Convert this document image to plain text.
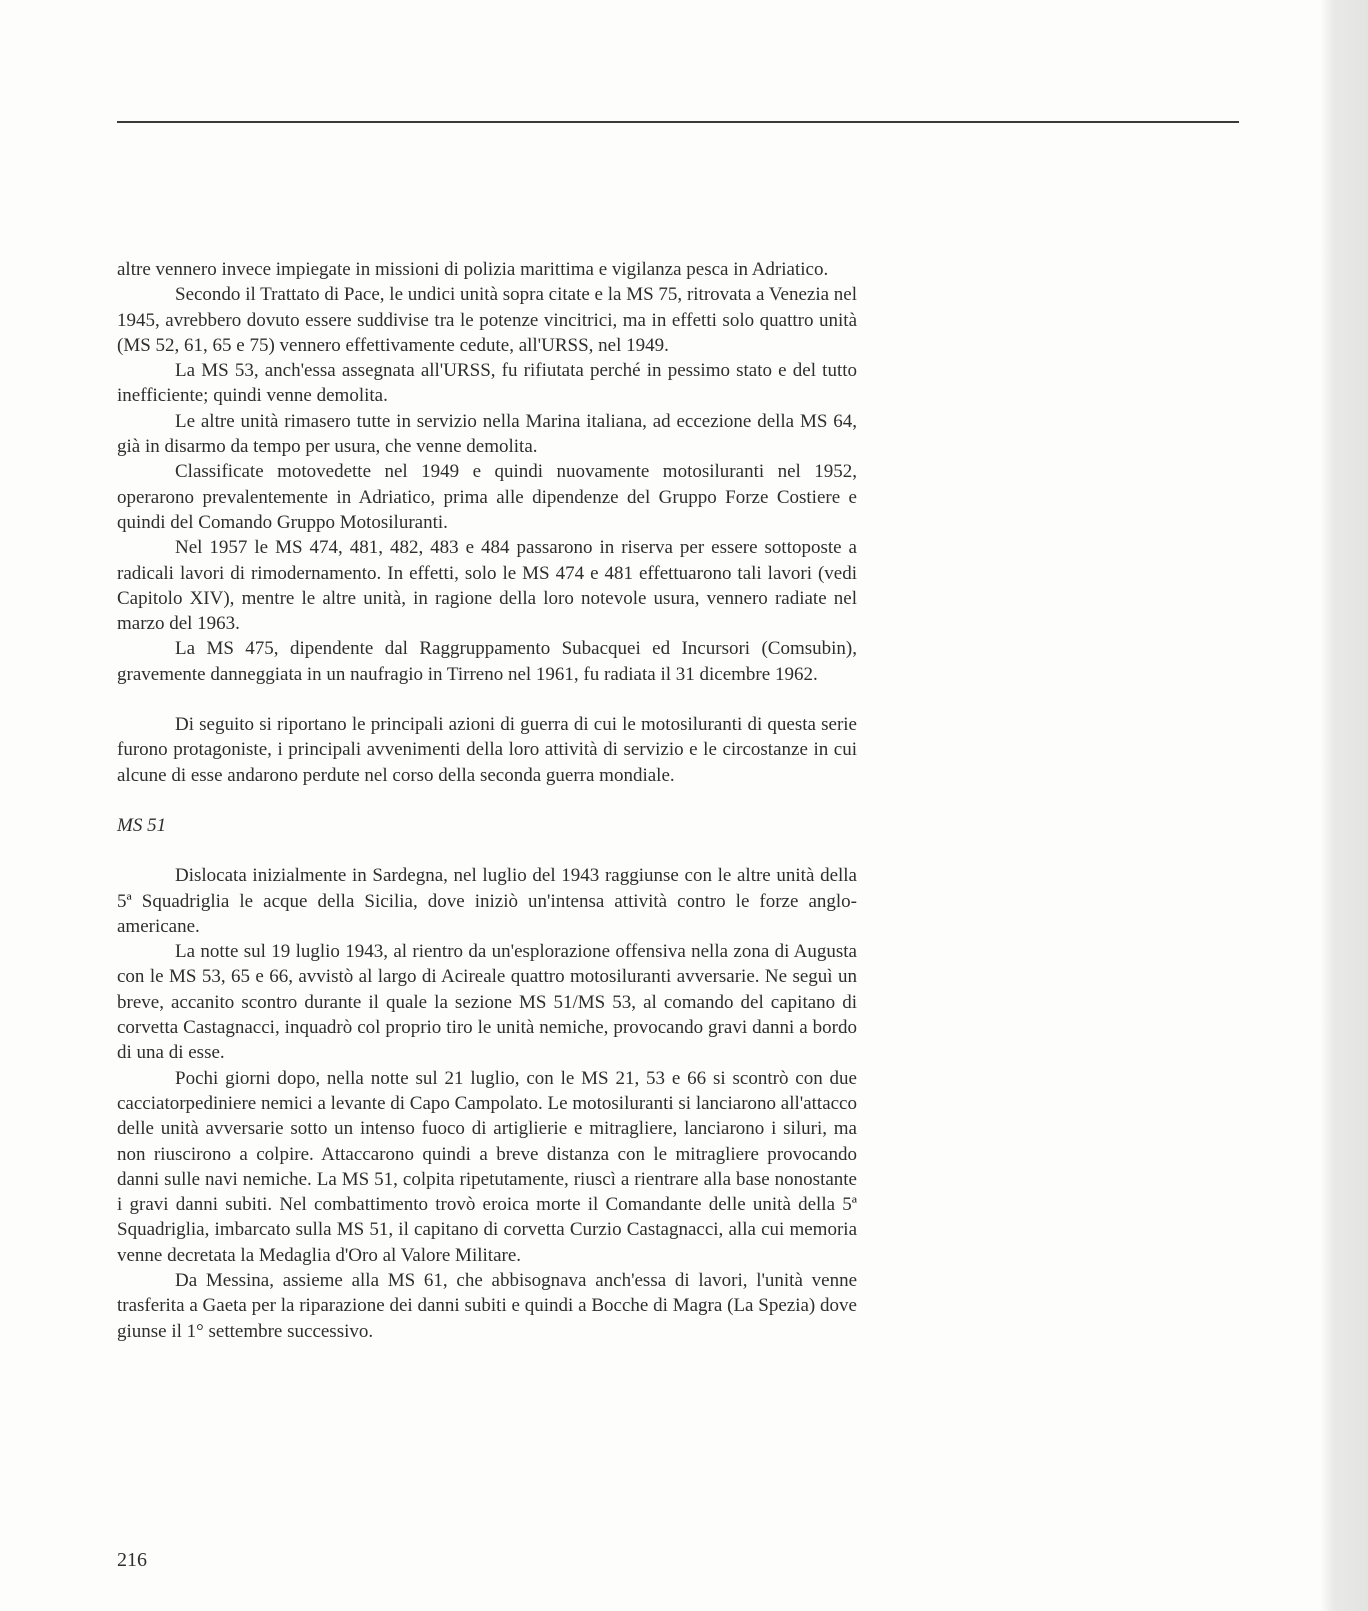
altre vennero invece impiegate in missioni di polizia marittima e vigilanza pesca in Adriatico.

Secondo il Trattato di Pace, le undici unità sopra citate e la MS 75, ritrovata a Venezia nel 1945, avrebbero dovuto essere suddivise tra le potenze vincitrici, ma in effetti solo quattro unità (MS 52, 61, 65 e 75) vennero effettivamente cedute, all'URSS, nel 1949.

La MS 53, anch'essa assegnata all'URSS, fu rifiutata perché in pessimo stato e del tutto inefficiente; quindi venne demolita.

Le altre unità rimasero tutte in servizio nella Marina italiana, ad eccezione della MS 64, già in disarmo da tempo per usura, che venne demolita.

Classificate motovedette nel 1949 e quindi nuovamente motosiluranti nel 1952, operarono prevalentemente in Adriatico, prima alle dipendenze del Gruppo Forze Costiere e quindi del Comando Gruppo Motosiluranti.

Nel 1957 le MS 474, 481, 482, 483 e 484 passarono in riserva per essere sottoposte a radicali lavori di rimodernamento. In effetti, solo le MS 474 e 481 effettuarono tali lavori (vedi Capitolo XIV), mentre le altre unità, in ragione della loro notevole usura, vennero radiate nel marzo del 1963.

La MS 475, dipendente dal Raggruppamento Subacquei ed Incursori (Comsubin), gravemente danneggiata in un naufragio in Tirreno nel 1961, fu radiata il 31 dicembre 1962.

Di seguito si riportano le principali azioni di guerra di cui le motosiluranti di questa serie furono protagoniste, i principali avvenimenti della loro attività di servizio e le circostanze in cui alcune di esse andarono perdute nel corso della seconda guerra mondiale.

MS 51

Dislocata inizialmente in Sardegna, nel luglio del 1943 raggiunse con le altre unità della 5ª Squadriglia le acque della Sicilia, dove iniziò un'intensa attività contro le forze anglo-americane.

La notte sul 19 luglio 1943, al rientro da un'esplorazione offensiva nella zona di Augusta con le MS 53, 65 e 66, avvistò al largo di Acireale quattro motosiluranti avversarie. Ne seguì un breve, accanito scontro durante il quale la sezione MS 51/MS 53, al comando del capitano di corvetta Castagnacci, inquadrò col proprio tiro le unità nemiche, provocando gravi danni a bordo di una di esse.

Pochi giorni dopo, nella notte sul 21 luglio, con le MS 21, 53 e 66 si scontrò con due cacciatorpediniere nemici a levante di Capo Campolato. Le motosiluranti si lanciarono all'attacco delle unità avversarie sotto un intenso fuoco di artiglierie e mitragliere, lanciarono i siluri, ma non riuscirono a colpire. Attaccarono quindi a breve distanza con le mitragliere provocando danni sulle navi nemiche. La MS 51, colpita ripetutamente, riuscì a rientrare alla base nonostante i gravi danni subiti. Nel combattimento trovò eroica morte il Comandante delle unità della 5ª Squadriglia, imbarcato sulla MS 51, il capitano di corvetta Curzio Castagnacci, alla cui memoria venne decretata la Medaglia d'Oro al Valore Militare.

Da Messina, assieme alla MS 61, che abbisognava anch'essa di lavori, l'unità venne trasferita a Gaeta per la riparazione dei danni subiti e quindi a Bocche di Magra (La Spezia) dove giunse il 1° settembre successivo.

216
